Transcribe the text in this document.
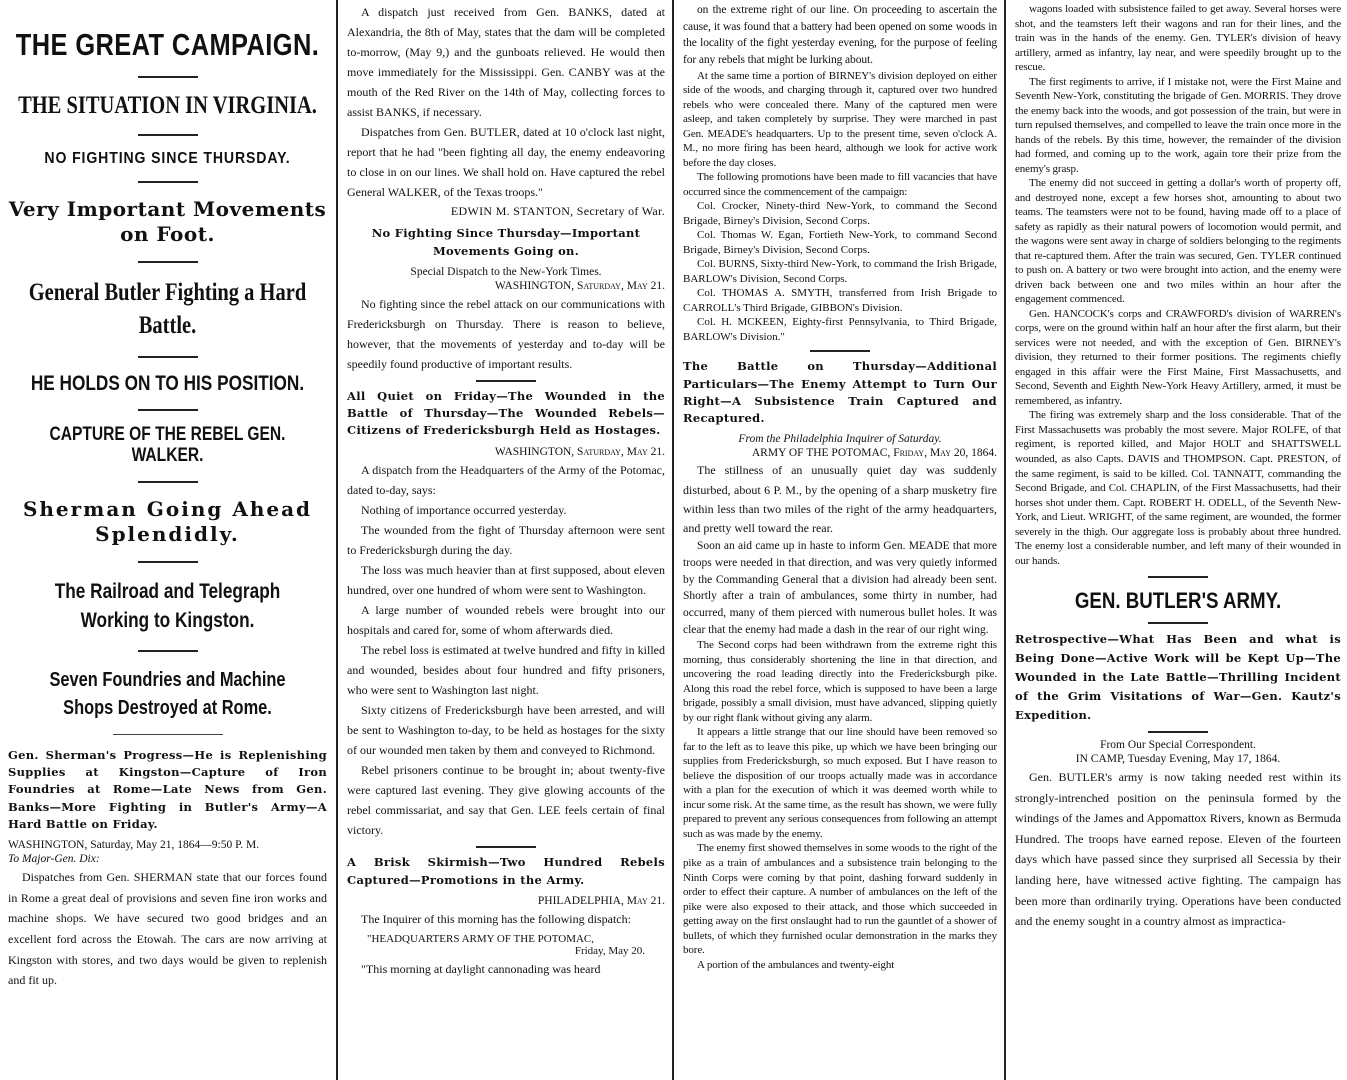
THE GREAT CAMPAIGN.
THE SITUATION IN VIRGINIA.
NO FIGHTING SINCE THURSDAY.
Very Important Movements on Foot.
General Butler Fighting a Hard Battle.
HE HOLDS ON TO HIS POSITION.
CAPTURE OF THE REBEL GEN. WALKER.
Sherman Going Ahead Splendidly.
The Railroad and Telegraph Working to Kingston.
Seven Foundries and Machine Shops Destroyed at Rome.
Gen. Sherman's Progress—He is Replenishing Supplies at Kingston—Capture of Iron Foundries at Rome—Late News from Gen. Banks—More Fighting in Butler's Army—A Hard Battle on Friday.
WASHINGTON, Saturday, May 21, 1864—9:50 P. M.
To Major-Gen. Dix:

Dispatches from Gen. SHERMAN state that our forces found in Rome a great deal of provisions and seven fine iron works and machine shops. We have secured two good bridges and an excellent ford across the Etowah. The cars are now arriving at Kingston with stores, and two days would be given to replenish and fit up.

A dispatch just received from Gen. BANKS, dated at Alexandria, the 8th of May, states that the dam will be completed to-morrow, (May 9,) and the gunboats relieved. He would then move immediately for the Mississippi. Gen. CANBY was at the mouth of the Red River on the 14th of May, collecting forces to assist BANKS, if necessary.

Dispatches from Gen. BUTLER, dated at 10 o'clock last night, report that he had "been fighting all day, the enemy endeavoring to close in on our lines. We shall hold on. Have captured the rebel General WALKER, of the Texas troops."

EDWIN M. STANTON, Secretary of War.
No Fighting Since Thursday—Important Movements Going on.
Special Dispatch to the New-York Times.
WASHINGTON, Saturday, May 21.

No fighting since the rebel attack on our communications with Fredericksburgh on Thursday. There is reason to believe, however, that the movements of yesterday and to-day will be speedily found productive of important results.

All Quiet on Friday—The Wounded in the Battle of Thursday—The Wounded Rebels—Citizens of Fredericksburgh Held as Hostages.
WASHINGTON, Saturday, May 21.

A dispatch from the Headquarters of the Army of the Potomac, dated to-day, says:

Nothing of importance occurred yesterday.

The wounded from the fight of Thursday afternoon were sent to Fredericksburgh during the day.

The loss was much heavier than at first supposed, about eleven hundred, over one hundred of whom were sent to Washington.

A large number of wounded rebels were brought into our hospitals and cared for, some of whom afterwards died.

The rebel loss is estimated at twelve hundred and fifty in killed and wounded, besides about four hundred and fifty prisoners, who were sent to Washington last night.

Sixty citizens of Fredericksburgh have been arrested, and will be sent to Washington to-day, to be held as hostages for the sixty of our wounded men taken by them and conveyed to Richmond.

Rebel prisoners continue to be brought in; about twenty-five were captured last evening. They give glowing accounts of the rebel commissariat, and say that Gen. LEE feels certain of final victory.

A Brisk Skirmish—Two Hundred Rebels Captured—Promotions in the Army.
PHILADELPHIA, May 21.

The Inquirer of this morning has the following dispatch:

"HEADQUARTERS ARMY OF THE POTOMAC,
Friday, May 20.

"This morning at daylight cannonading was heard

on the extreme right of our line. On proceeding to ascertain the cause, it was found that a battery had been opened on some woods in the locality of the fight yesterday evening, for the purpose of feeling for any rebels that might be lurking about.

At the same time a portion of BIRNEY's division deployed on either side of the woods, and charging through it, captured over two hundred rebels who were concealed there. Many of the captured men were asleep, and taken completely by surprise. They were marched in past Gen. MEADE's headquarters. Up to the present time, seven o'clock A. M., no more firing has been heard, although we look for active work before the day closes.

The following promotions have been made to fill vacancies that have occurred since the commencement of the campaign:

Col. Crocker, Ninety-third New-York, to command the Second Brigade, Birney's Division, Second Corps.

Col. Thomas W. Egan, Fortieth New-York, to command Second Brigade, Birney's Division, Second Corps.

Col. BURNS, Sixty-third New-York, to command the Irish Brigade, BARLOW's Division, Second Corps.

Col. THOMAS A. SMYTH, transferred from Irish Brigade to CARROLL's Third Brigade, GIBBON's Division.

Col. H. MCKEEN, Eighty-first Pennsylvania, to Third Brigade, BARLOW's Division."

The Battle on Thursday—Additional Particulars—The Enemy Attempt to Turn Our Right—A Subsistence Train Captured and Recaptured.
From the Philadelphia Inquirer of Saturday.
ARMY OF THE POTOMAC, Friday, May 20, 1864.

The stillness of an unusually quiet day was suddenly disturbed, about 6 P. M., by the opening of a sharp musketry fire within less than two miles of the right of the army headquarters, and pretty well toward the rear.

Soon an aid came up in haste to inform Gen. MEADE that more troops were needed in that direction, and was very quietly informed by the Commanding General that a division had already been sent. Shortly after a train of ambulances, some thirty in number, had occurred, many of them pierced with numerous bullet holes. It was clear that the enemy had made a dash in the rear of our right wing.

The Second corps had been withdrawn from the extreme right this morning, thus considerably shortening the line in that direction, and uncovering the road leading directly into the Fredericksburgh pike. Along this road the rebel force, which is supposed to have been a large brigade, possibly a small division, must have advanced, slipping quietly by our right flank without giving any alarm.

It appears a little strange that our line should have been removed so far to the left as to leave this pike, up which we have been bringing our supplies from Fredericksburgh, so much exposed. But I have reason to believe the disposition of our troops actually made was in accordance with a plan for the execution of which it was deemed worth while to incur some risk. At the same time, as the result has shown, we were fully prepared to prevent any serious consequences from following an attempt such as was made by the enemy.

The enemy first showed themselves in some woods to the right of the pike as a train of ambulances and a subsistence train belonging to the Ninth Corps were coming by that point, dashing forward suddenly in order to effect their capture. A number of ambulances on the left of the pike were also exposed to their attack, and those which succeeded in getting away on the first onslaught had to run the gauntlet of a shower of bullets, of which they furnished ocular demonstration in the marks they bore.

A portion of the ambulances and twenty-eight

wagons loaded with subsistence failed to get away. Several horses were shot, and the teamsters left their wagons and ran for their lines, and the train was in the hands of the enemy. Gen. TYLER's division of heavy artillery, armed as infantry, lay near, and were speedily brought up to the rescue.

The first regiments to arrive, if I mistake not, were the First Maine and Seventh New-York, constituting the brigade of Gen. MORRIS. They drove the enemy back into the woods, and got possession of the train, but were in turn repulsed themselves, and compelled to leave the train once more in the hands of the rebels. By this time, however, the remainder of the division had formed, and coming up to the work, again tore their prize from the enemy's grasp.

The enemy did not succeed in getting a dollar's worth of property off, and destroyed none, except a few horses shot, amounting to about two teams. The teamsters were not to be found, having made off to a place of safety as rapidly as their natural powers of locomotion would permit, and the wagons were sent away in charge of soldiers belonging to the regiments that re-captured them. After the train was secured, Gen. TYLER continued to push on. A battery or two were brought into action, and the enemy were driven back between one and two miles within an hour after the engagement commenced.

Gen. HANCOCK's corps and CRAWFORD's division of WARREN's corps, were on the ground within half an hour after the first alarm, but their services were not needed, and with the exception of Gen. BIRNEY's division, they returned to their former positions. The regiments chiefly engaged in this affair were the First Maine, First Massachusetts, and Second, Seventh and Eighth New-York Heavy Artillery, armed, it must be remembered, as infantry.

The firing was extremely sharp and the loss considerable. That of the First Massachusetts was probably the most severe. Major ROLFE, of that regiment, is reported killed, and Major HOLT and SHATTSWELL wounded, as also Capts. DAVIS and THOMPSON. Capt. PRESTON, of the same regiment, is said to be killed. Col. TANNATT, commanding the Second Brigade, and Col. CHAPLIN, of the First Massachusetts, had their horses shot under them. Capt. ROBERT H. ODELL, of the Seventh New-York, and Lieut. WRIGHT, of the same regiment, are wounded, the former severely in the thigh. Our aggregate loss is probably about three hundred. The enemy lost a considerable number, and left many of their wounded in our hands.

GEN. BUTLER'S ARMY.
Retrospective—What Has Been and what is Being Done—Active Work will be Kept Up—The Wounded in the Late Battle—Thrilling Incident of the Grim Visitations of War—Gen. Kautz's Expedition.
From Our Special Correspondent.
IN CAMP, Tuesday Evening, May 17, 1864.

Gen. BUTLER's army is now taking needed rest within its strongly-intrenched position on the peninsula formed by the windings of the James and Appomattox Rivers, known as Bermuda Hundred. The troops have earned repose. Eleven of the fourteen days which have passed since they surprised all Secessia by their landing here, have witnessed active fighting. The campaign has been more than ordinarily trying. Operations have been conducted and the enemy sought in a country almost as impractica-
